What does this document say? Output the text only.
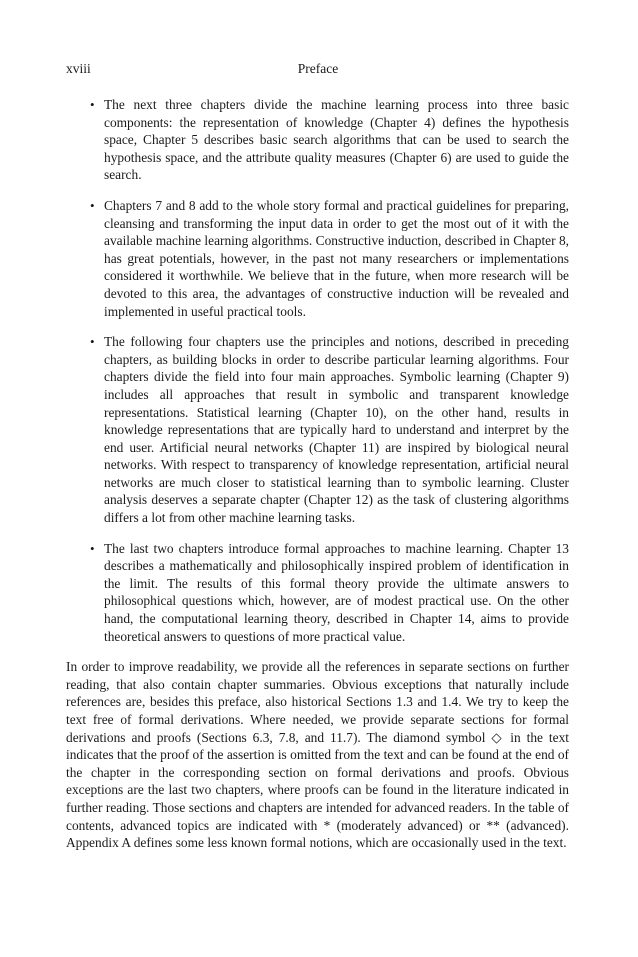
xviii	Preface
• The next three chapters divide the machine learning process into three basic components: the representation of knowledge (Chapter 4) defines the hypothesis space, Chapter 5 describes basic search algorithms that can be used to search the hypothesis space, and the attribute quality measures (Chapter 6) are used to guide the search.
• Chapters 7 and 8 add to the whole story formal and practical guidelines for preparing, cleansing and transforming the input data in order to get the most out of it with the available machine learning algorithms. Constructive induction, described in Chapter 8, has great potentials, however, in the past not many researchers or implementations considered it worthwhile. We believe that in the future, when more research will be devoted to this area, the advantages of constructive induction will be revealed and implemented in useful practical tools.
• The following four chapters use the principles and notions, described in preceding chapters, as building blocks in order to describe particular learning algorithms. Four chapters divide the field into four main approaches. Symbolic learning (Chapter 9) includes all approaches that result in symbolic and transparent knowledge representations. Statistical learning (Chapter 10), on the other hand, results in knowledge representations that are typically hard to understand and interpret by the end user. Artificial neural networks (Chapter 11) are inspired by biological neural networks. With respect to transparency of knowledge representation, artificial neural networks are much closer to statistical learning than to symbolic learning. Cluster analysis deserves a separate chapter (Chapter 12) as the task of clustering algorithms differs a lot from other machine learning tasks.
• The last two chapters introduce formal approaches to machine learning. Chapter 13 describes a mathematically and philosophically inspired problem of identification in the limit. The results of this formal theory provide the ultimate answers to philosophical questions which, however, are of modest practical use. On the other hand, the computational learning theory, described in Chapter 14, aims to provide theoretical answers to questions of more practical value.

In order to improve readability, we provide all the references in separate sections on further reading, that also contain chapter summaries. Obvious exceptions that naturally include references are, besides this preface, also historical Sections 1.3 and 1.4. We try to keep the text free of formal derivations. Where needed, we provide separate sections for formal derivations and proofs (Sections 6.3, 7.8, and 11.7). The diamond symbol ◇ in the text indicates that the proof of the assertion is omitted from the text and can be found at the end of the chapter in the corresponding section on formal derivations and proofs. Obvious exceptions are the last two chapters, where proofs can be found in the literature indicated in further reading. Those sections and chapters are intended for advanced readers. In the table of contents, advanced topics are indicated with * (moderately advanced) or ** (advanced). Appendix A defines some less known formal notions, which are occasionally used in the text.
